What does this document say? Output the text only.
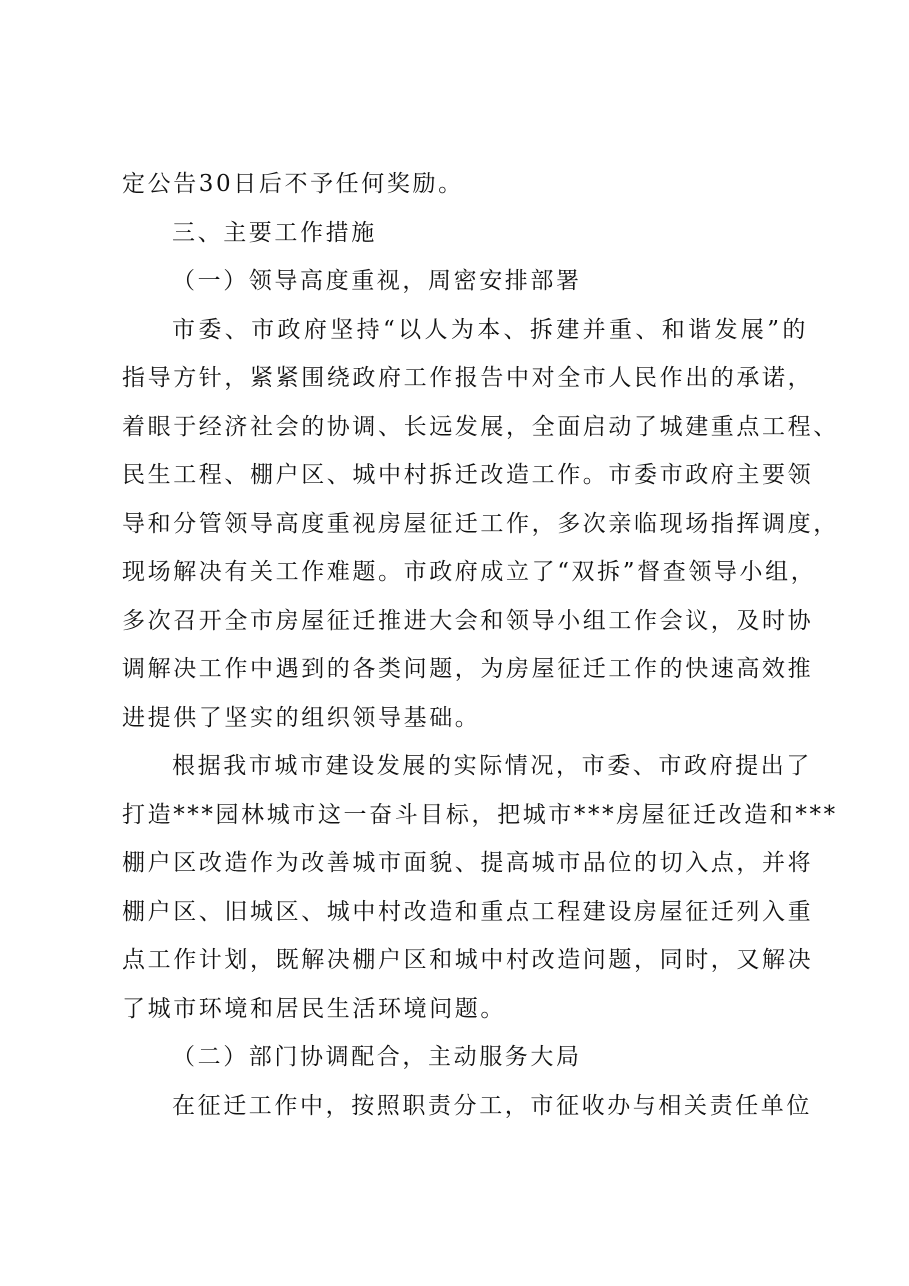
定公告30日后不予任何奖励。
三、主要工作措施
（一）领导高度重视，周密安排部署
市委、市政府坚持“以人为本、拆建并重、和谐发展”的
指导方针，紧紧围绕政府工作报告中对全市人民作出的承诺，
着眼于经济社会的协调、长远发展，全面启动了城建重点工程、
民生工程、棚户区、城中村拆迁改造工作。市委市政府主要领
导和分管领导高度重视房屋征迁工作，多次亲临现场指挥调度，
现场解决有关工作难题。市政府成立了“双拆”督查领导小组，
多次召开全市房屋征迁推进大会和领导小组工作会议，及时协
调解决工作中遇到的各类问题，为房屋征迁工作的快速高效推
进提供了坚实的组织领导基础。
根据我市城市建设发展的实际情况，市委、市政府提出了
打造***园林城市这一奋斗目标，把城市***房屋征迁改造和***
棚户区改造作为改善城市面貌、提高城市品位的切入点，并将
棚户区、旧城区、城中村改造和重点工程建设房屋征迁列入重
点工作计划，既解决棚户区和城中村改造问题，同时，又解决
了城市环境和居民生活环境问题。
（二）部门协调配合，主动服务大局
在征迁工作中，按照职责分工，市征收办与相关责任单位
